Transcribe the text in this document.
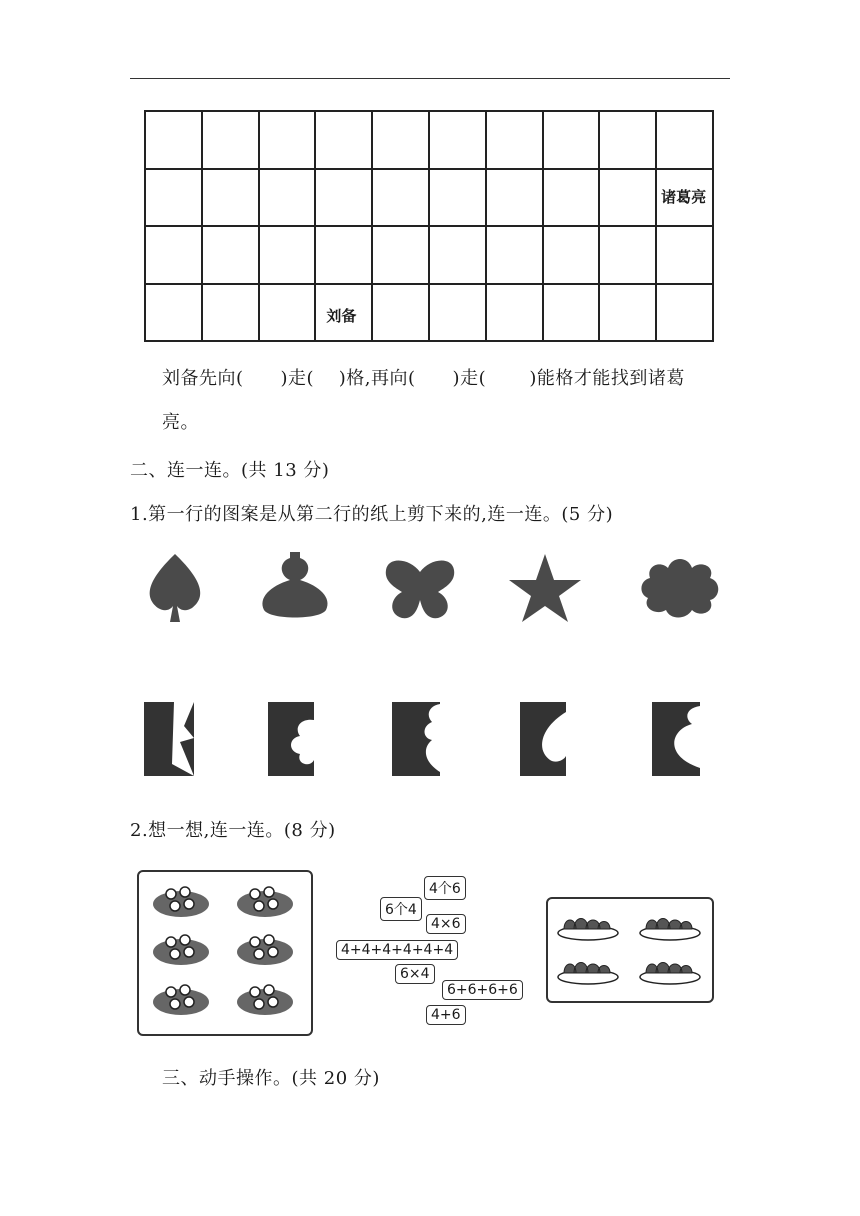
									诸葛亮

			刘备						

刘备先向(　　)走(　 )格,再向(　　)走(　　 )能格才能找到诸葛
亮。
二、连一连。(共 13 分)
1.第一行的图案是从第二行的纸上剪下来的,连一连。(5 分)
2.想一想,连一连。(8 分)
4个6
6个4
4×6
4+4+4+4+4+4
6×4
6+6+6+6
4+6
三、动手操作。(共 20 分)
